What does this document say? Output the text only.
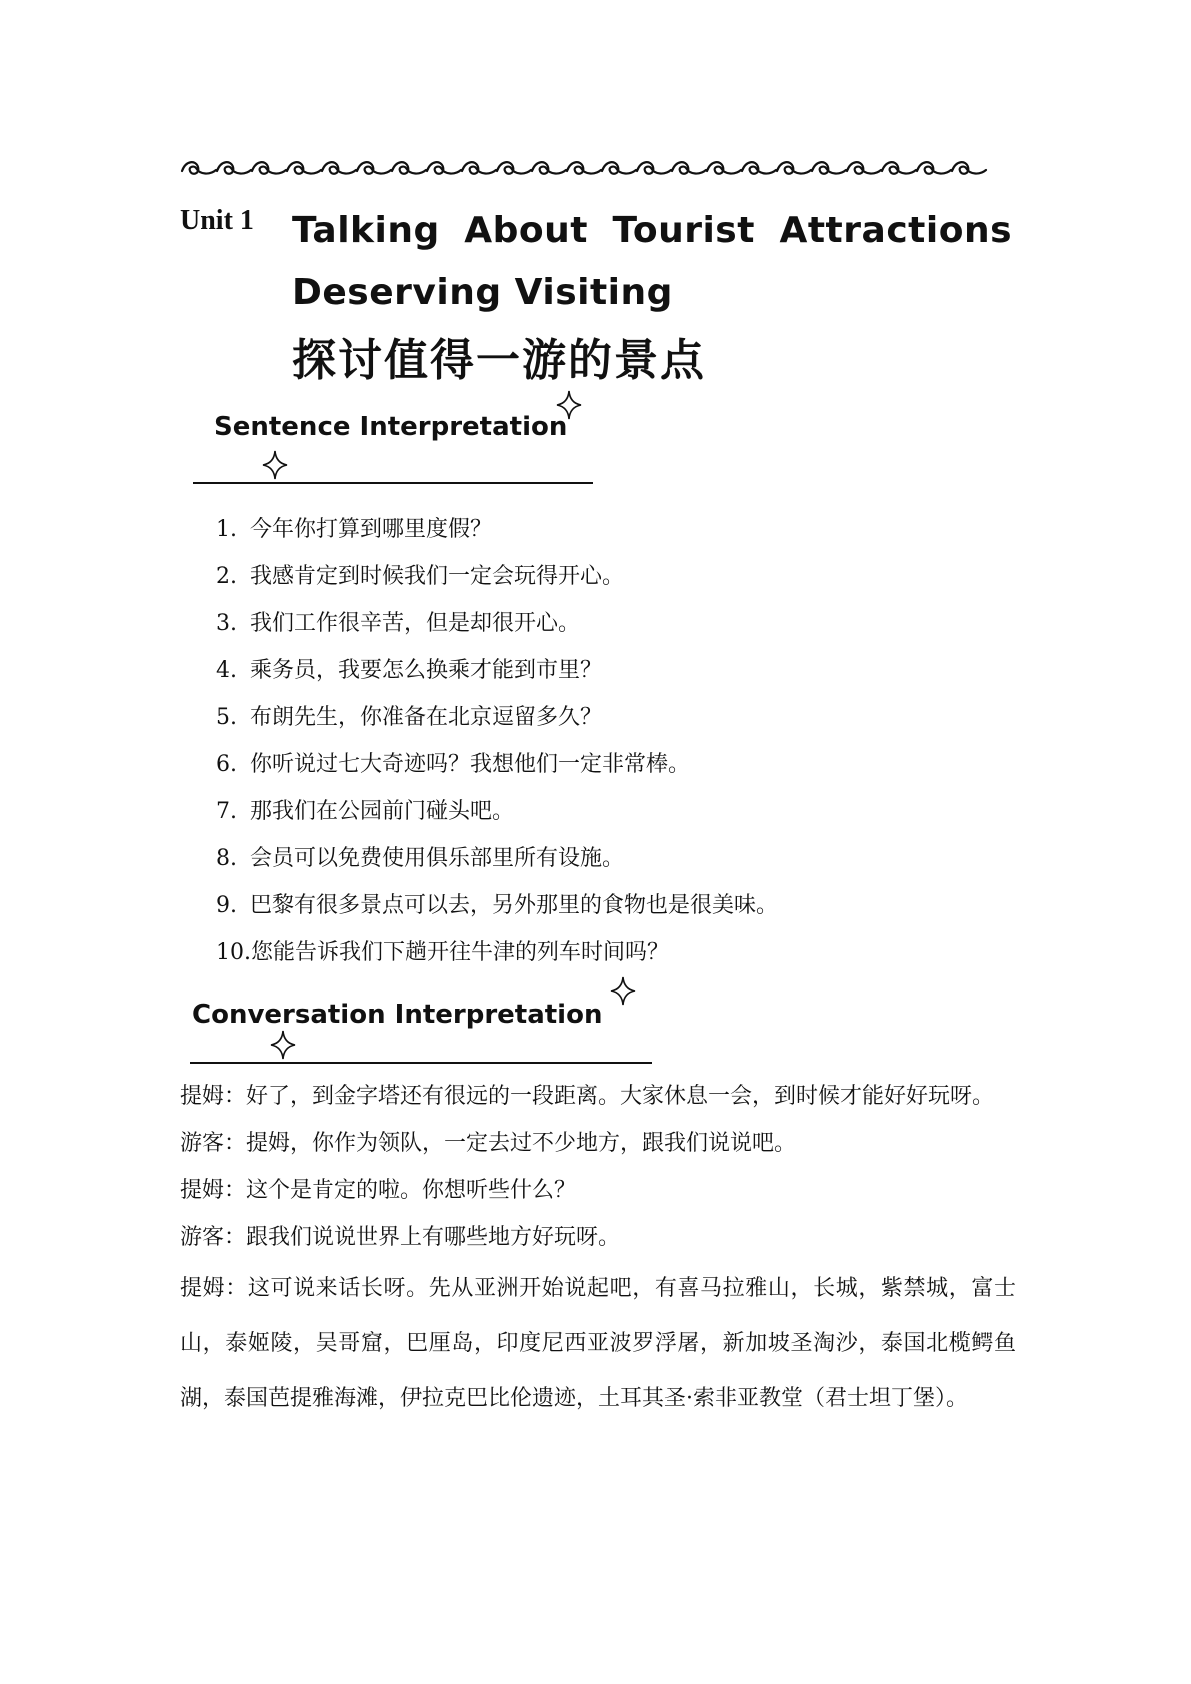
Unit 1 Talking About Tourist Attractions Deserving Visiting
探讨值得一游的景点
Sentence Interpretation
1. 今年你打算到哪里度假？
2. 我感肯定到时候我们一定会玩得开心。
3. 我们工作很辛苦，但是却很开心。
4. 乘务员，我要怎么换乘才能到市里？
5. 布朗先生，你准备在北京逗留多久？
6. 你听说过七大奇迹吗？我想他们一定非常棒。
7. 那我们在公园前门碰头吧。
8. 会员可以免费使用俱乐部里所有设施。
9. 巴黎有很多景点可以去，另外那里的食物也是很美味。
10.您能告诉我们下趟开往牛津的列车时间吗？
Conversation Interpretation

提姆：好了，到金字塔还有很远的一段距离。大家休息一会，到时候才能好好玩呀。

游客：提姆，你作为领队，一定去过不少地方，跟我们说说吧。

提姆：这个是肯定的啦。你想听些什么？

游客：跟我们说说世界上有哪些地方好玩呀。

提姆：这可说来话长呀。先从亚洲开始说起吧，有喜马拉雅山，长城，紫禁城，富士山，泰姬陵，吴哥窟，巴厘岛，印度尼西亚波罗浮屠，新加坡圣淘沙，泰国北榄鳄鱼湖，泰国芭提雅海滩，伊拉克巴比伦遗迹，土耳其圣·索非亚教堂（君士坦丁堡）。
